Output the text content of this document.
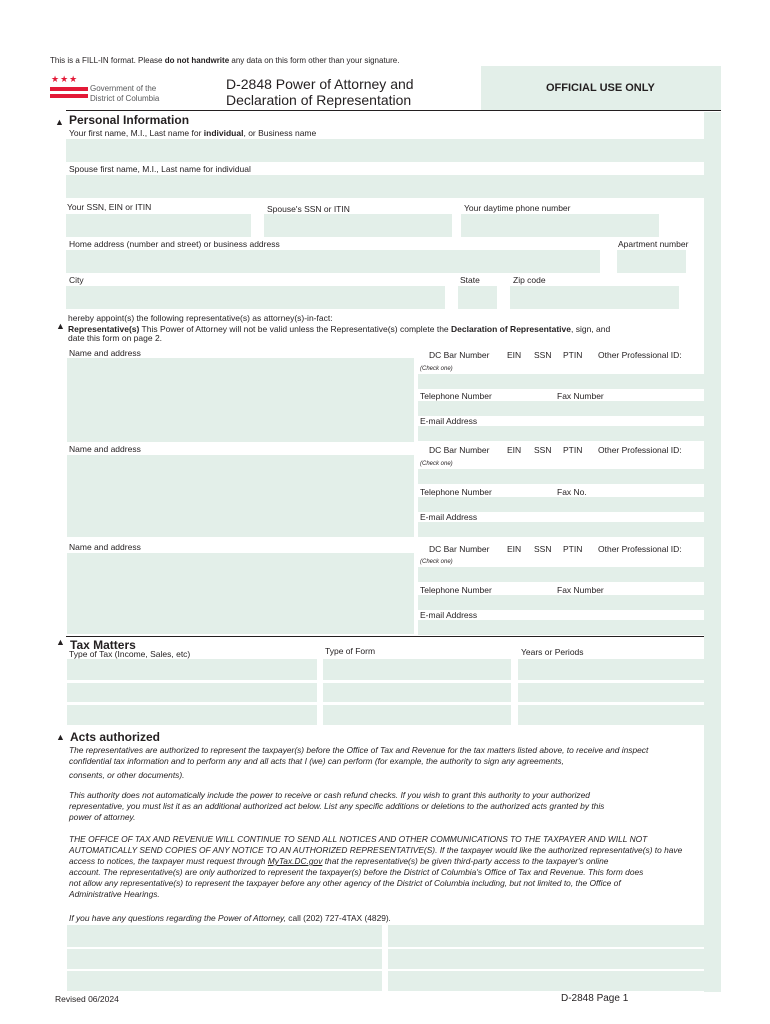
This is a FILL-IN format. Please do not handwrite any data on this form other than your signature.
★★★
Government of the
District of Columbia
D-2848 Power of Attorney and
Declaration of Representation
OFFICIAL USE ONLY
▲ Personal Information
Your first name, M.I., Last name for individual, or Business name
Spouse first name, M.I., Last name for individual
Your SSN, EIN or ITIN	Spouse's SSN or ITIN	Your daytime phone number
Home address (number and street) or business address	Apartment number
City	State	Zip code
hereby appoint(s) the following representative(s) as attorney(s)-in-fact:
▲ Representative(s) This Power of Attorney will not be valid unless the Representative(s) complete the Declaration of Representative, sign, and
date this form on page 2.
Name and address	DC Bar Number EIN SSN PTIN Other Professional ID:
(Check one)
Telephone Number	Fax Number
E-mail Address
Name and address	DC Bar Number EIN SSN PTIN Other Professional ID:
(Check one)
Telephone Number	Fax No.
E-mail Address
Name and address	DC Bar Number EIN SSN PTIN Other Professional ID:
(Check one)
Telephone Number	Fax Number
E-mail Address
▲ Tax Matters
Type of Tax (Income, Sales, etc)	Type of Form	Years or Periods
▲ Acts authorized
The representatives are authorized to represent the taxpayer(s) before the Office of Tax and Revenue for the tax matters listed above, to receive and inspect
confidential tax information and to perform any and all acts that I (we) can perform (for example, the authority to sign any agreements,
consents, or other documents).
This authority does not automatically include the power to receive or cash refund checks. If you wish to grant this authority to your authorized
representative, you must list it as an additional authorized act below. List any specific additions or deletions to the authorized acts granted by this
power of attorney.
THE OFFICE OF TAX AND REVENUE WILL CONTINUE TO SEND ALL NOTICES AND OTHER COMMUNICATIONS TO THE TAXPAYER AND WILL NOT
AUTOMATICALLY SEND COPIES OF ANY NOTICE TO AN AUTHORIZED REPRESENTATIVE(S). If the taxpayer would like the authorized representative(s) to have
access to notices, the taxpayer must request through MyTax.DC.gov that the representative(s) be given third-party access to the taxpayer's online
account. The representative(s) are only authorized to represent the taxpayer(s) before the District of Columbia's Office of Tax and Revenue. This form does
not allow any representative(s) to represent the taxpayer before any other agency of the District of Columbia including, but not limited to, the Office of
Administrative Hearings.
If you have any questions regarding the Power of Attorney, call (202) 727-4TAX (4829).
Revised 06/2024	D-2848 Page 1
